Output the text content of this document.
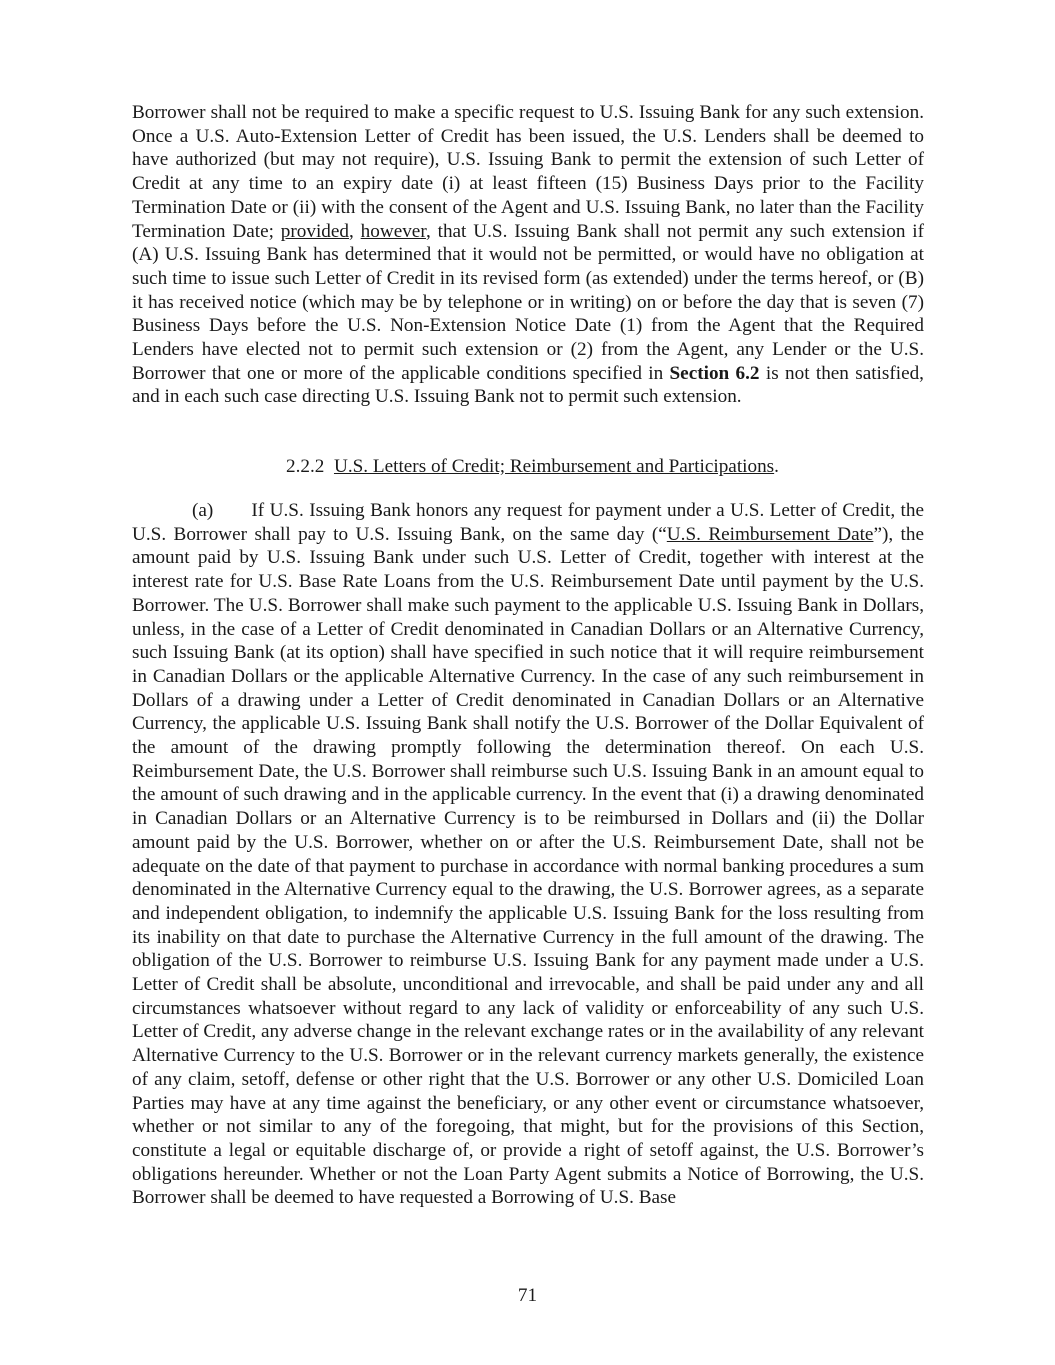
Borrower shall not be required to make a specific request to U.S. Issuing Bank for any such extension. Once a U.S. Auto-Extension Letter of Credit has been issued, the U.S. Lenders shall be deemed to have authorized (but may not require), U.S. Issuing Bank to permit the extension of such Letter of Credit at any time to an expiry date (i) at least fifteen (15) Business Days prior to the Facility Termination Date or (ii) with the consent of the Agent and U.S. Issuing Bank, no later than the Facility Termination Date; provided, however, that U.S. Issuing Bank shall not permit any such extension if (A) U.S. Issuing Bank has determined that it would not be permitted, or would have no obligation at such time to issue such Letter of Credit in its revised form (as extended) under the terms hereof, or (B) it has received notice (which may be by telephone or in writing) on or before the day that is seven (7) Business Days before the U.S. Non-Extension Notice Date (1) from the Agent that the Required Lenders have elected not to permit such extension or (2) from the Agent, any Lender or the U.S. Borrower that one or more of the applicable conditions specified in Section 6.2 is not then satisfied, and in each such case directing U.S. Issuing Bank not to permit such extension.
2.2.2 U.S. Letters of Credit; Reimbursement and Participations.
(a) If U.S. Issuing Bank honors any request for payment under a U.S. Letter of Credit, the U.S. Borrower shall pay to U.S. Issuing Bank, on the same day (“U.S. Reimbursement Date”), the amount paid by U.S. Issuing Bank under such U.S. Letter of Credit, together with interest at the interest rate for U.S. Base Rate Loans from the U.S. Reimbursement Date until payment by the U.S. Borrower. The U.S. Borrower shall make such payment to the applicable U.S. Issuing Bank in Dollars, unless, in the case of a Letter of Credit denominated in Canadian Dollars or an Alternative Currency, such Issuing Bank (at its option) shall have specified in such notice that it will require reimbursement in Canadian Dollars or the applicable Alternative Currency. In the case of any such reimbursement in Dollars of a drawing under a Letter of Credit denominated in Canadian Dollars or an Alternative Currency, the applicable U.S. Issuing Bank shall notify the U.S. Borrower of the Dollar Equivalent of the amount of the drawing promptly following the determination thereof. On each U.S. Reimbursement Date, the U.S. Borrower shall reimburse such U.S. Issuing Bank in an amount equal to the amount of such drawing and in the applicable currency. In the event that (i) a drawing denominated in Canadian Dollars or an Alternative Currency is to be reimbursed in Dollars and (ii) the Dollar amount paid by the U.S. Borrower, whether on or after the U.S. Reimbursement Date, shall not be adequate on the date of that payment to purchase in accordance with normal banking procedures a sum denominated in the Alternative Currency equal to the drawing, the U.S. Borrower agrees, as a separate and independent obligation, to indemnify the applicable U.S. Issuing Bank for the loss resulting from its inability on that date to purchase the Alternative Currency in the full amount of the drawing. The obligation of the U.S. Borrower to reimburse U.S. Issuing Bank for any payment made under a U.S. Letter of Credit shall be absolute, unconditional and irrevocable, and shall be paid under any and all circumstances whatsoever without regard to any lack of validity or enforceability of any such U.S. Letter of Credit, any adverse change in the relevant exchange rates or in the availability of any relevant Alternative Currency to the U.S. Borrower or in the relevant currency markets generally, the existence of any claim, setoff, defense or other right that the U.S. Borrower or any other U.S. Domiciled Loan Parties may have at any time against the beneficiary, or any other event or circumstance whatsoever, whether or not similar to any of the foregoing, that might, but for the provisions of this Section, constitute a legal or equitable discharge of, or provide a right of setoff against, the U.S. Borrower’s obligations hereunder. Whether or not the Loan Party Agent submits a Notice of Borrowing, the U.S. Borrower shall be deemed to have requested a Borrowing of U.S. Base
71
